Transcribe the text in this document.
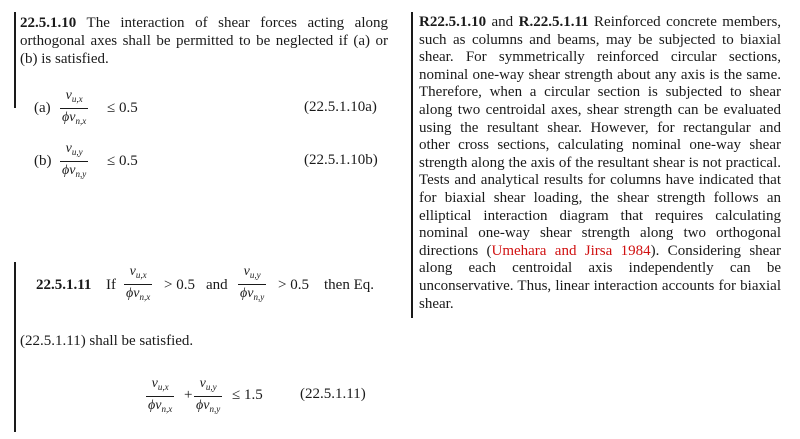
22.5.1.10 The interaction of shear forces acting along orthogonal axes shall be permitted to be neglected if (a) or (b) is satisfied.
(a)
$v_{u,x}$
$\phi v_{n,x}$
≤ 0.5	(22.5.1.10a)
(b)
$v_{u,y}$
$\phi v_{n,y}$
≤ 0.5	(22.5.1.10b)
22.5.1.11 If
$v_{u,x}$
$\phi v_{n,x}$
> 0.5 and
$v_{u,y}$
$\phi v_{n,y}$
> 0.5 then Eq.
(22.5.1.11) shall be satisfied.
$v_{u,x}$
$\phi v_{n,x}$
+
$v_{u,y}$
$\phi v_{n,y}$
≤ 1.5 (22.5.1.11)
R22.5.1.10 and R.22.5.1.11 Reinforced concrete members, such as columns and beams, may be subjected to biaxial shear. For symmetrically reinforced circular sections, nominal one-way shear strength about any axis is the same. Therefore, when a circular section is subjected to shear along two centroidal axes, shear strength can be evaluated using the resultant shear. However, for rectangular and other cross sections, calculating nominal one-way shear strength along the axis of the resultant shear is not practical. Tests and analytical results for columns have indicated that for biaxial shear loading, the shear strength follows an elliptical interaction diagram that requires calculating nominal one-way shear strength along two orthogonal directions (Umehara and Jirsa 1984). Considering shear along each centroidal axis independently can be unconservative. Thus, linear interaction accounts for biaxial shear.
